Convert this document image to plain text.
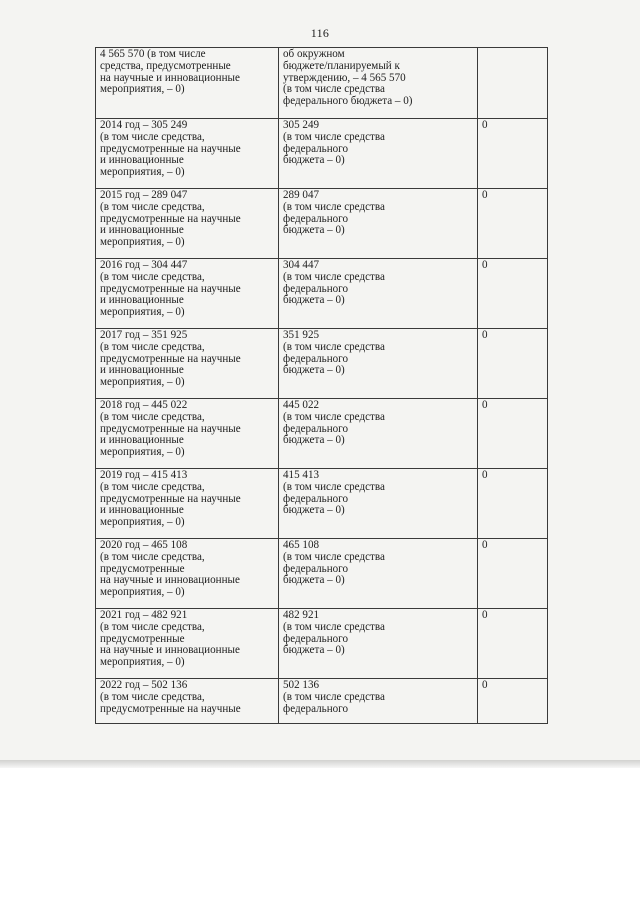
116
4 565 570 (в том числе
средства, предусмотренные
на научные и инновационные
мероприятия, – 0)	об окружном
бюджете/планируемый к
утверждению, – 4 565 570
(в том числе средства
федерального бюджета – 0)	
2014 год – 305 249
(в том числе средства,
предусмотренные на научные
и инновационные
мероприятия, – 0)	305 249
(в том числе средства
федерального
бюджета – 0)	0
2015 год – 289 047
(в том числе средства,
предусмотренные на научные
и инновационные
мероприятия, – 0)	289 047
(в том числе средства
федерального
бюджета – 0)	0
2016 год – 304 447
(в том числе средства,
предусмотренные на научные
и инновационные
мероприятия, – 0)	304 447
(в том числе средства
федерального
бюджета – 0)	0
2017 год – 351 925
(в том числе средства,
предусмотренные на научные
и инновационные
мероприятия, – 0)	351 925
(в том числе средства
федерального
бюджета – 0)	0
2018 год – 445 022
(в том числе средства,
предусмотренные на научные
и инновационные
мероприятия, – 0)	445 022
(в том числе средства
федерального
бюджета – 0)	0
2019 год – 415 413
(в том числе средства,
предусмотренные на научные
и инновационные
мероприятия, – 0)	415 413
(в том числе средства
федерального
бюджета – 0)	0
2020 год – 465 108
(в том числе средства,
предусмотренные
на научные и инновационные
мероприятия, – 0)	465 108
(в том числе средства
федерального
бюджета – 0)	0
2021 год – 482 921
(в том числе средства,
предусмотренные
на научные и инновационные
мероприятия, – 0)	482 921
(в том числе средства
федерального
бюджета – 0)	0
2022 год – 502 136
(в том числе средства,
предусмотренные на научные	502 136
(в том числе средства
федерального	0
